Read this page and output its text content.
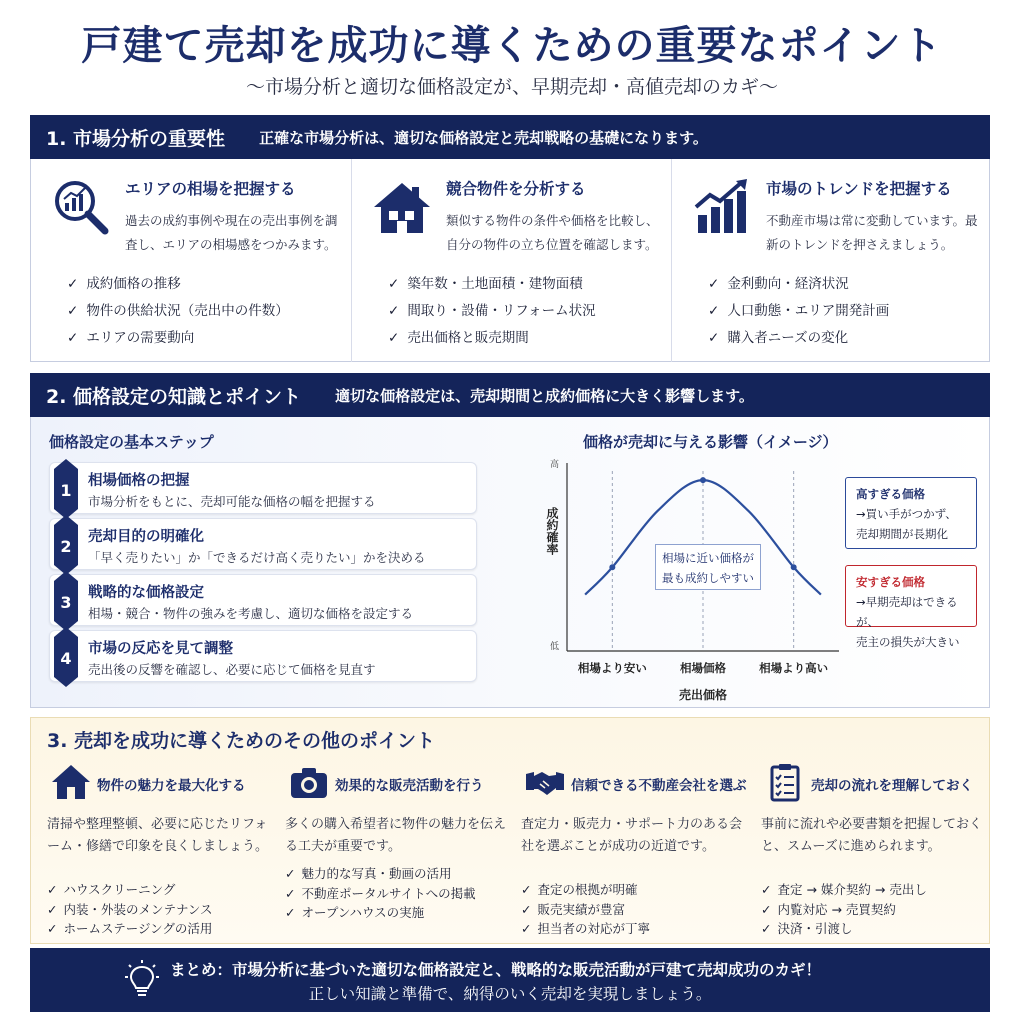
戸建て売却を成功に導くための重要なポイント
〜市場分析と適切な価格設定が、早期売却・高値売却のカギ〜
1. 市場分析の重要性 正確な市場分析は、適切な価格設定と売却戦略の基礎になります。
エリアの相場を把握する
過去の成約事例や現在の売出事例を調査し、エリアの相場感をつかみます。
✓ 成約価格の推移
✓ 物件の供給状況（売出中の件数）
✓ エリアの需要動向
競合物件を分析する
類似する物件の条件や価格を比較し、自分の物件の立ち位置を確認します。
✓ 築年数・土地面積・建物面積
✓ 間取り・設備・リフォーム状況
✓ 売出価格と販売期間
市場のトレンドを把握する
不動産市場は常に変動しています。最新のトレンドを押さえましょう。
✓ 金利動向・経済状況
✓ 人口動態・エリア開発計画
✓ 購入者ニーズの変化
2. 価格設定の知識とポイント 適切な価格設定は、売却期間と成約価格に大きく影響します。
価格設定の基本ステップ
1 相場価格の把握
市場分析をもとに、売却可能な価格の幅を把握する
2 売却目的の明確化
「早く売りたい」か「できるだけ高く売りたい」かを決める
3 戦略的な価格設定
相場・競合・物件の強みを考慮し、適切な価格を設定する
4 市場の反応を見て調整
売出後の反響を確認し、必要に応じて価格を見直す
価格が売却に与える影響（イメージ）
高
低
成約確率
相場より安い	相場価格	相場より高い
売出価格
相場に近い価格が
最も成約しやすい
高すぎる価格
→買い手がつかず、
売却期間が長期化
安すぎる価格
→早期売却はできるが、
売主の損失が大きい
3. 売却を成功に導くためのその他のポイント
物件の魅力を最大化する
清掃や整理整頓、必要に応じたリフォーム・修繕で印象を良くしましょう。
✓ ハウスクリーニング
✓ 内装・外装のメンテナンス
✓ ホームステージングの活用
効果的な販売活動を行う
多くの購入希望者に物件の魅力を伝える工夫が重要です。
✓ 魅力的な写真・動画の活用
✓ 不動産ポータルサイトへの掲載
✓ オープンハウスの実施
信頼できる不動産会社を選ぶ
査定力・販売力・サポート力のある会社を選ぶことが成功の近道です。
✓ 査定の根拠が明確
✓ 販売実績が豊富
✓ 担当者の対応が丁寧
売却の流れを理解しておく
事前に流れや必要書類を把握しておくと、スムーズに進められます。
✓ 査定 → 媒介契約 → 売出し
✓ 内覧対応 → 売買契約
✓ 決済・引渡し
まとめ：市場分析に基づいた適切な価格設定と、戦略的な販売活動が戸建て売却成功のカギ！
正しい知識と準備で、納得のいく売却を実現しましょう。
